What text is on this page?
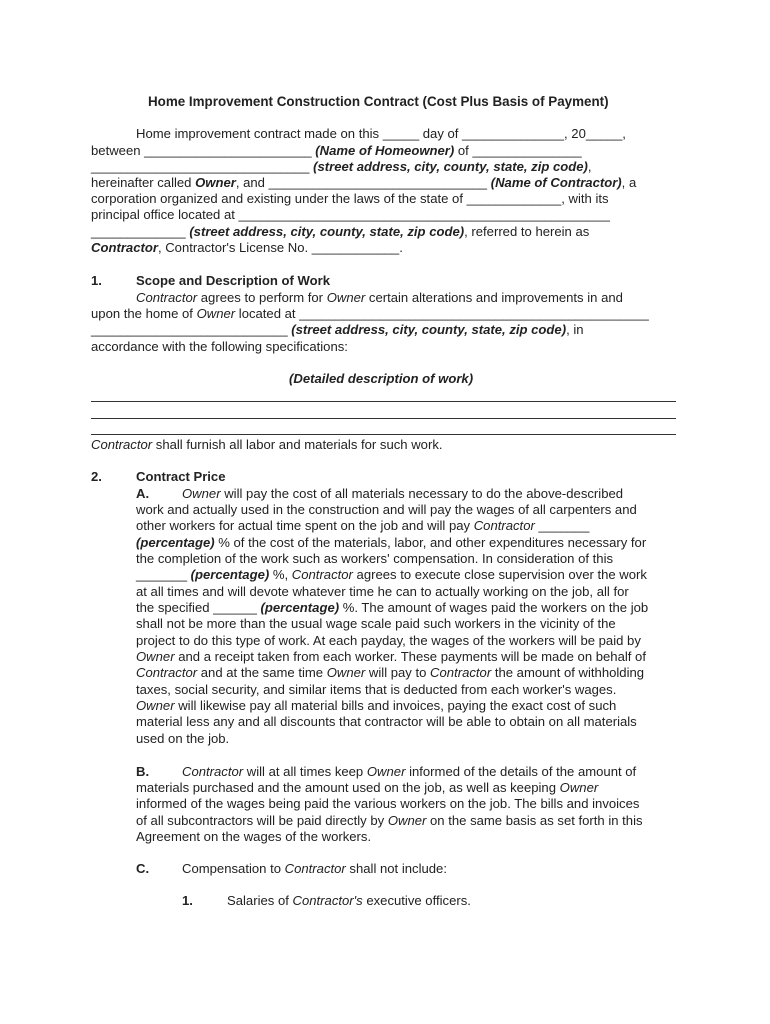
Home Improvement Construction Contract (Cost Plus Basis of Payment)
Home improvement contract made on this _____ day of ______________, 20_____,
between _______________________ (Name of Homeowner) of _______________
______________________________ (street address, city, county, state, zip code),
hereinafter called Owner, and ______________________________ (Name of Contractor), a
corporation organized and existing under the laws of the state of _____________, with its
principal office located at ___________________________________________________
_____________ (street address, city, county, state, zip code), referred to herein as
Contractor, Contractor's License No. ____________.
1.	Scope and Description of Work
Contractor agrees to perform for Owner certain alterations and improvements in and
upon the home of Owner located at ________________________________________________
___________________________ (street address, city, county, state, zip code), in
accordance with the following specifications:
(Detailed description of work)
Contractor shall furnish all labor and materials for such work.
2.	Contract Price
A.	Owner will pay the cost of all materials necessary to do the above-described
work and actually used in the construction and will pay the wages of all carpenters and
other workers for actual time spent on the job and will pay Contractor _______
(percentage) % of the cost of the materials, labor, and other expenditures necessary for
the completion of the work such as workers' compensation. In consideration of this
_______ (percentage) %, Contractor agrees to execute close supervision over the work
at all times and will devote whatever time he can to actually working on the job, all for
the specified ______ (percentage) %. The amount of wages paid the workers on the job
shall not be more than the usual wage scale paid such workers in the vicinity of the
project to do this type of work. At each payday, the wages of the workers will be paid by
Owner and a receipt taken from each worker. These payments will be made on behalf of
Contractor and at the same time Owner will pay to Contractor the amount of withholding
taxes, social security, and similar items that is deducted from each worker's wages.
Owner will likewise pay all material bills and invoices, paying the exact cost of such
material less any and all discounts that contractor will be able to obtain on all materials
used on the job.
B.	Contractor will at all times keep Owner informed of the details of the amount of
materials purchased and the amount used on the job, as well as keeping Owner
informed of the wages being paid the various workers on the job. The bills and invoices
of all subcontractors will be paid directly by Owner on the same basis as set forth in this
Agreement on the wages of the workers.
C.	Compensation to Contractor shall not include:
1.	Salaries of Contractor's executive officers.
